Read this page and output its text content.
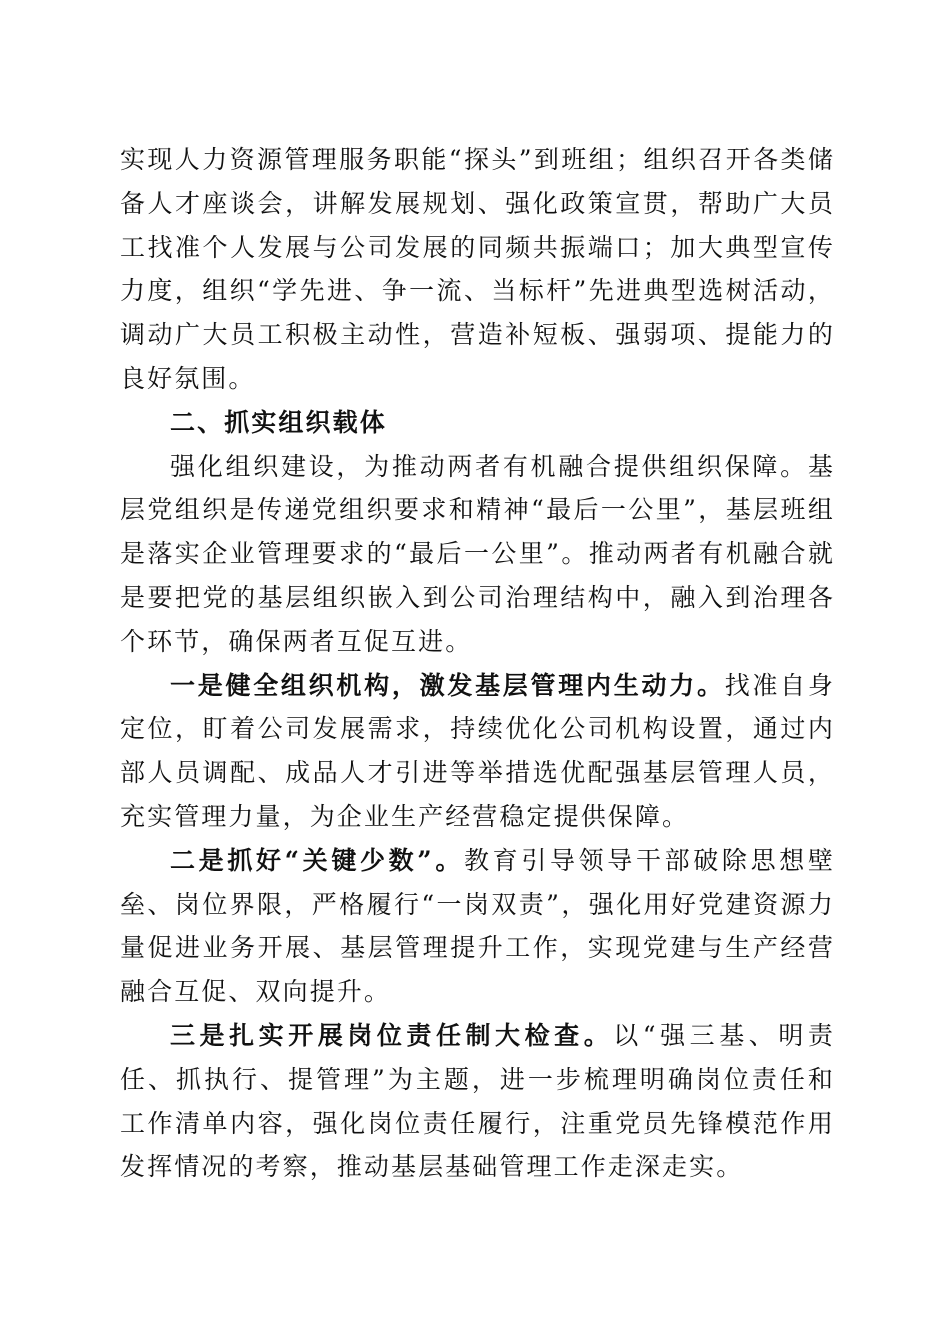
实现人力资源管理服务职能“探头”到班组；组织召开各类储备人才座谈会，讲解发展规划、强化政策宣贯，帮助广大员工找准个人发展与公司发展的同频共振端口；加大典型宣传力度，组织“学先进、争一流、当标杆”先进典型选树活动，调动广大员工积极主动性，营造补短板、强弱项、提能力的良好氛围。

二、抓实组织载体

强化组织建设，为推动两者有机融合提供组织保障。基层党组织是传递党组织要求和精神“最后一公里”，基层班组是落实企业管理要求的“最后一公里”。推动两者有机融合就是要把党的基层组织嵌入到公司治理结构中，融入到治理各个环节，确保两者互促互进。

一是健全组织机构，激发基层管理内生动力。找准自身定位，盯着公司发展需求，持续优化公司机构设置，通过内部人员调配、成品人才引进等举措选优配强基层管理人员，充实管理力量，为企业生产经营稳定提供保障。

二是抓好“关键少数”。教育引导领导干部破除思想壁垒、岗位界限，严格履行“一岗双责”，强化用好党建资源力量促进业务开展、基层管理提升工作，实现党建与生产经营融合互促、双向提升。

三是扎实开展岗位责任制大检查。以“强三基、明责任、抓执行、提管理”为主题，进一步梳理明确岗位责任和工作清单内容，强化岗位责任履行，注重党员先锋模范作用发挥情况的考察，推动基层基础管理工作走深走实。
